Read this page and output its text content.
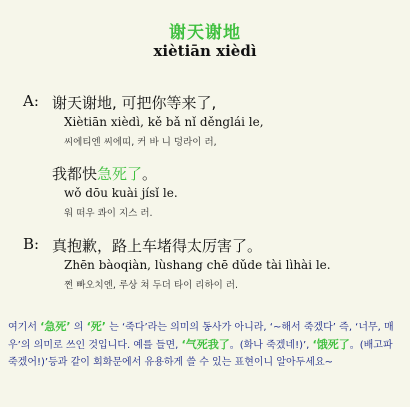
谢天谢地
xiètiān xièdì
A: 谢天谢地, 可把你等来了,
Xiètiān xièdì, kě bǎ nǐ děnglái le,
씨에티엔 씨에띠, 커 바 니 덩라이 러,
我都快急死了。
wǒ dōu kuài jísǐ le.
워 떠우 콰이 지스 러.
B: 真抱歉，路上车堵得太厉害了。
Zhēn bàoqiàn, lùshang chē dǔde tài lìhài le.
쩐 빠오치엔, 루상 쳐 두더 타이 리하이 러.
여기서 ‘急死’ 의 ‘死’ 는 ‘죽다’라는 의미의 동사가 아니라, ‘~해서 죽겠다’ 즉, ‘너무, 매우’의 의미로 쓰인 것입니다. 예를 들면, ‘气死我了。(화나 죽겠네!)’, ‘饿死了。(배고파 죽겠어!)’등과 같이 회화문에서 유용하게 쓸 수 있는 표현이니 알아두세요~
